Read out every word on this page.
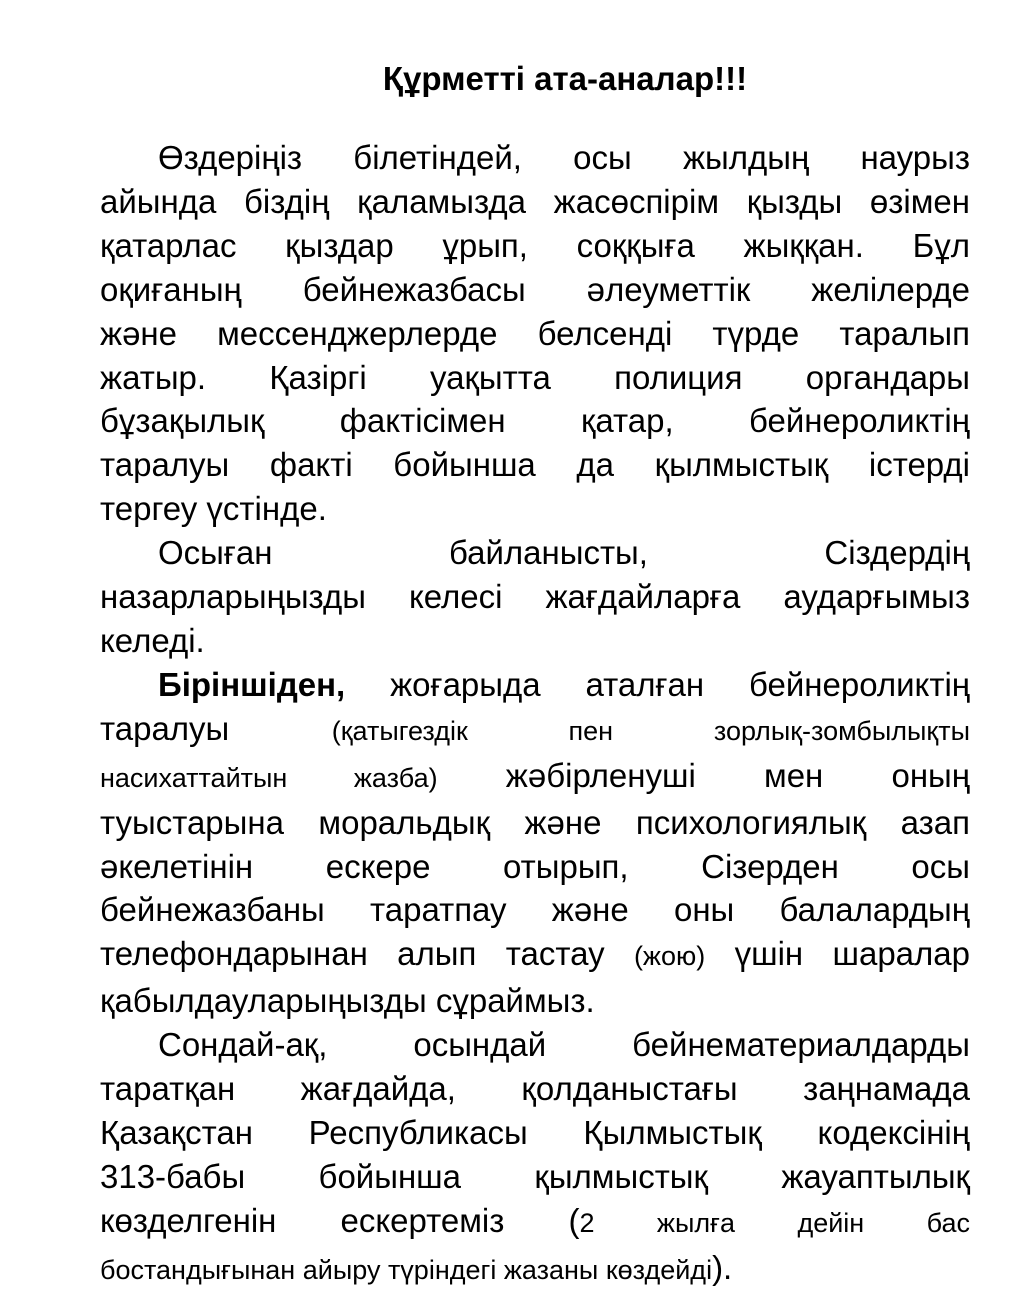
Құрметті ата-аналар!!!
Өздеріңіз білетіндей, осы жылдың наурыз
айында біздің қаламызда жасөспірім қызды өзімен
қатарлас қыздар ұрып, соққыға жыққан. Бұл
оқиғаның бейнежазбасы әлеуметтік желілерде
және мессенджерлерде белсенді түрде таралып
жатыр. Қазіргі уақытта полиция органдары
бұзақылық фактісімен қатар, бейнероликтің
таралуы факті бойынша да қылмыстық істерді
тергеу үстінде.
Осыған байланысты, Сіздердің
назарларыңызды келесі жағдайларға аударғымыз
келеді.
Біріншіден, жоғарыда аталған бейнероликтің
таралуы	(қатыгездік пен зорлық-зомбылықты
насихаттайтын жазба) жәбірленуші мен оның
туыстарына моральдық және психологиялық азап
әкелетінін ескере отырып, Сізерден осы
бейнежазбаны таратпау және оны балалардың
телефондарынан алып тастау (жою) үшін шаралар
қабылдауларыңызды сұраймыз.
Сондай-ақ, осындай бейнематериалдарды
таратқан жағдайда, қолданыстағы заңнамада
Қазақстан Республикасы Қылмыстық кодексінің
313-бабы бойынша қылмыстық жауаптылық
көзделгенін ескертеміз (2 жылға дейін бас
бостандығынан айыру түріндегі жазаны көздейді).
